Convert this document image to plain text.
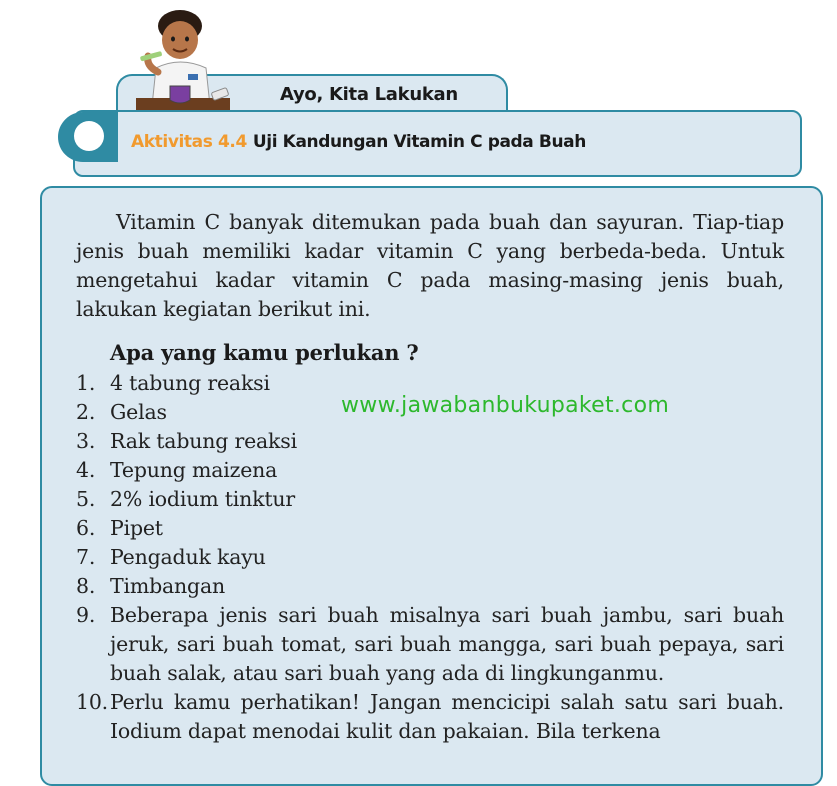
Ayo, Kita Lakukan
Aktivitas 4.4 Uji Kandungan Vitamin C pada Buah

Vitamin C banyak ditemukan pada buah dan sayuran. Tiap-tiap jenis buah memiliki kadar vitamin C yang berbeda-beda. Untuk mengetahui kadar vitamin C pada masing-masing jenis buah, lakukan kegiatan berikut ini.

Apa yang kamu perlukan ?
1. 4 tabung reaksi
2. Gelas
3. Rak tabung reaksi
4. Tepung maizena
5. 2% iodium tinktur
6. Pipet
7. Pengaduk kayu
8. Timbangan
9. Beberapa jenis sari buah misalnya sari buah jambu, sari buah jeruk, sari buah tomat, sari buah mangga, sari buah pepaya, sari buah salak, atau sari buah yang ada di lingkunganmu.
10. Perlu kamu perhatikan! Jangan mencicipi salah satu sari buah. Iodium dapat menodai kulit dan pakaian. Bila terkena
www.jawabanbukupaket.com
